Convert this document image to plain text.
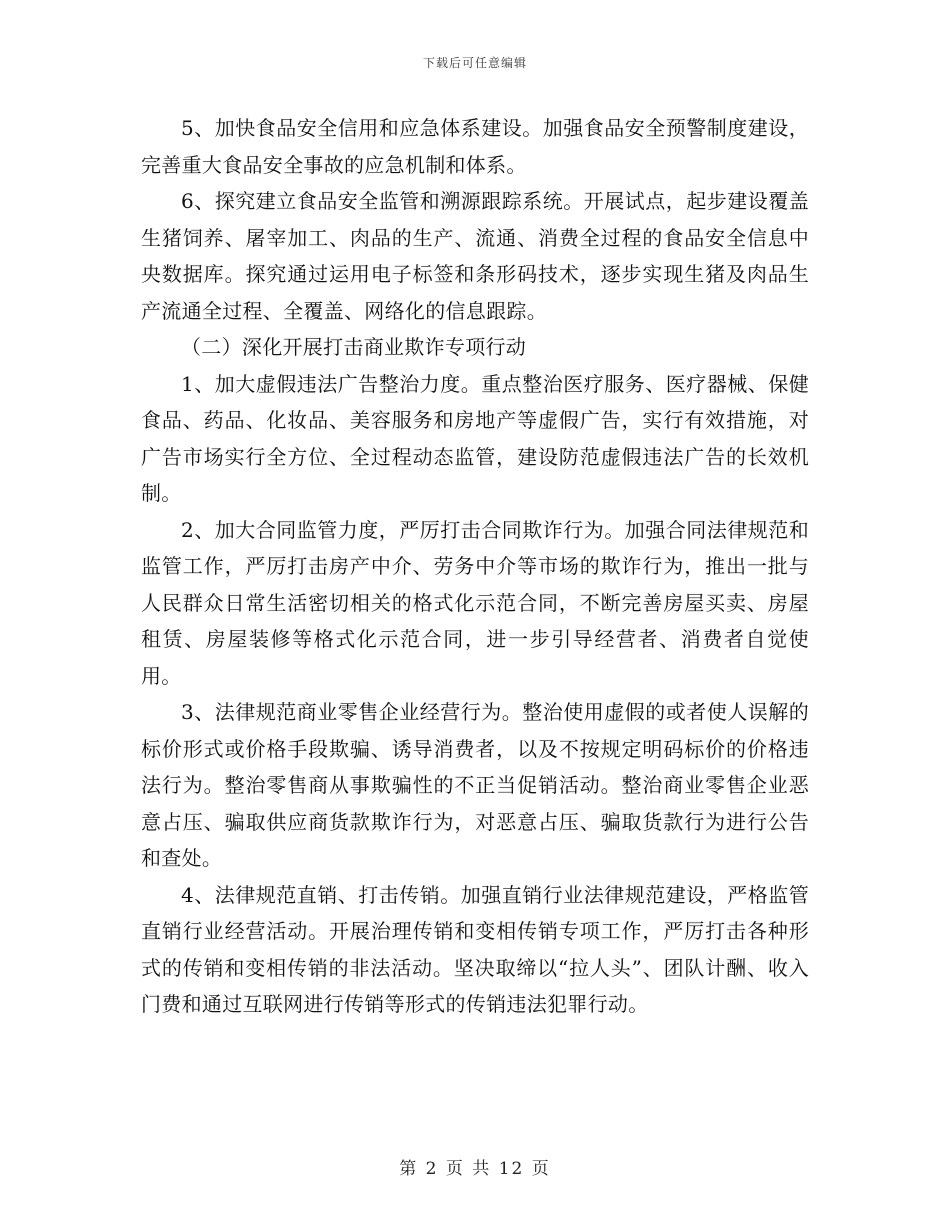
下载后可任意编辑

5、加快食品安全信用和应急体系建设。加强食品安全预警制度建设，完善重大食品安全事故的应急机制和体系。

6、探究建立食品安全监管和溯源跟踪系统。开展试点，起步建设覆盖生猪饲养、屠宰加工、肉品的生产、流通、消费全过程的食品安全信息中央数据库。探究通过运用电子标签和条形码技术，逐步实现生猪及肉品生产流通全过程、全覆盖、网络化的信息跟踪。

（二）深化开展打击商业欺诈专项行动

1、加大虚假违法广告整治力度。重点整治医疗服务、医疗器械、保健食品、药品、化妆品、美容服务和房地产等虚假广告，实行有效措施，对广告市场实行全方位、全过程动态监管，建设防范虚假违法广告的长效机制。

2、加大合同监管力度，严厉打击合同欺诈行为。加强合同法律规范和监管工作，严厉打击房产中介、劳务中介等市场的欺诈行为，推出一批与人民群众日常生活密切相关的格式化示范合同，不断完善房屋买卖、房屋租赁、房屋装修等格式化示范合同，进一步引导经营者、消费者自觉使用。

3、法律规范商业零售企业经营行为。整治使用虚假的或者使人误解的标价形式或价格手段欺骗、诱导消费者，以及不按规定明码标价的价格违法行为。整治零售商从事欺骗性的不正当促销活动。整治商业零售企业恶意占压、骗取供应商货款欺诈行为，对恶意占压、骗取货款行为进行公告和查处。

4、法律规范直销、打击传销。加强直销行业法律规范建设，严格监管直销行业经营活动。开展治理传销和变相传销专项工作，严厉打击各种形式的传销和变相传销的非法活动。坚决取缔以“拉人头”、团队计酬、收入门费和通过互联网进行传销等形式的传销违法犯罪行动。

第 2 页 共 12 页
